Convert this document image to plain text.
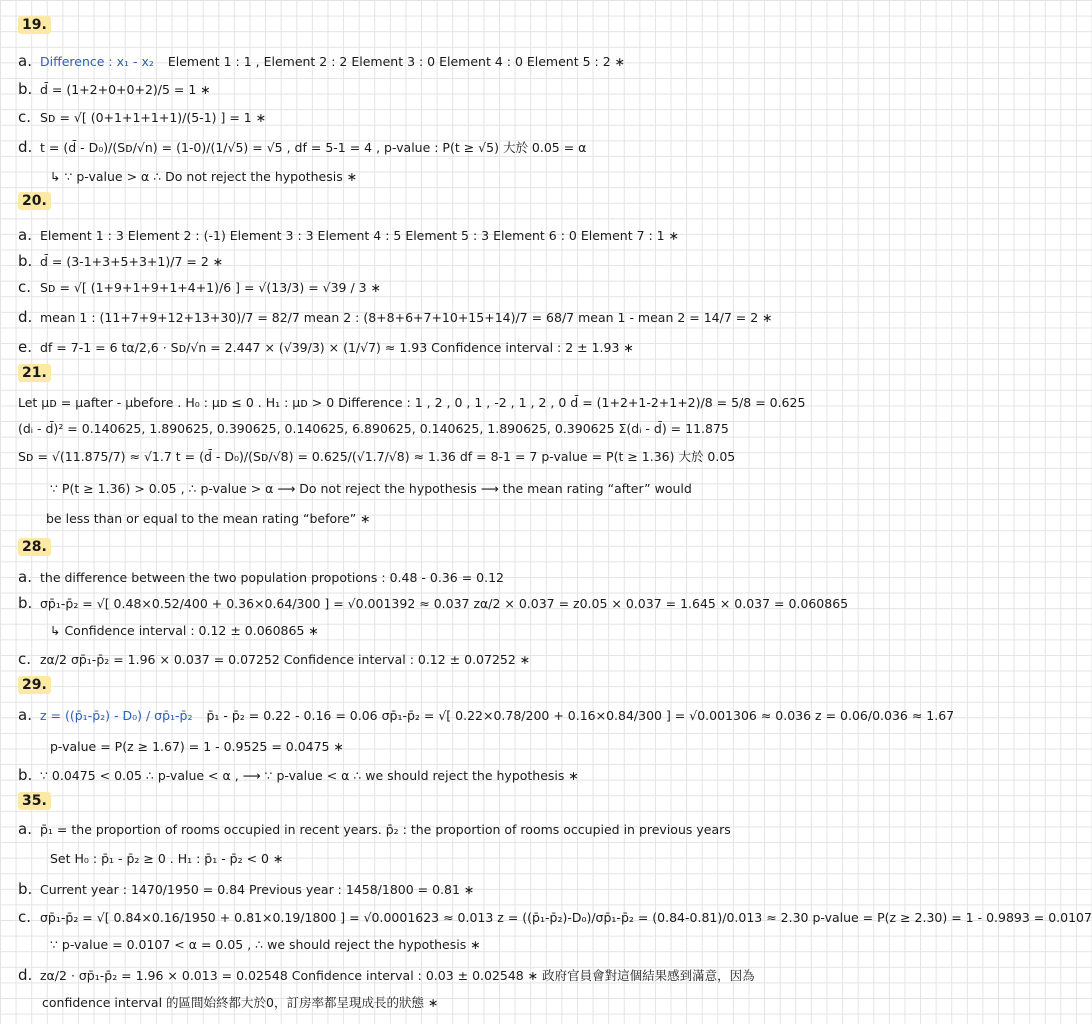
19.
a. Difference : x₁ - x₂ Element 1 : 1 , Element 2 : 2 Element 3 : 0 Element 4 : 0 Element 5 : 2 ∗
b. d̄ = (1+2+0+0+2)/5 = 1 ∗
c. Sᴅ = √[ (0+1+1+1+1)/(5-1) ] = 1 ∗
d. t = (d̄ - D₀)/(Sᴅ/√n) = (1-0)/(1/√5) = √5 , df = 5-1 = 4 , p-value : P(t ≥ √5) 大於 0.05 = α
↳ ∵ p-value > α ∴ Do not reject the hypothesis ∗
20.
a. Element 1 : 3 Element 2 : (-1) Element 3 : 3 Element 4 : 5 Element 5 : 3 Element 6 : 0 Element 7 : 1 ∗
b. d̄ = (3-1+3+5+3+1)/7 = 2 ∗
c. Sᴅ = √[ (1+9+1+9+1+4+1)/6 ] = √(13/3) = √39 / 3 ∗
d. mean 1 : (11+7+9+12+13+30)/7 = 82/7 mean 2 : (8+8+6+7+10+15+14)/7 = 68/7 mean 1 - mean 2 = 14/7 = 2 ∗
e. df = 7-1 = 6 tα/2,6 · Sᴅ/√n = 2.447 × (√39/3) × (1/√7) ≈ 1.93 Confidence interval : 2 ± 1.93 ∗
21.
Let μᴅ = μafter - μbefore . H₀ : μᴅ ≤ 0 . H₁ : μᴅ > 0 Difference : 1 , 2 , 0 , 1 , -2 , 1 , 2 , 0 d̄ = (1+2+1-2+1+2)/8 = 5/8 = 0.625
(dᵢ - d̄)² = 0.140625, 1.890625, 0.390625, 0.140625, 6.890625, 0.140625, 1.890625, 0.390625 Σ(dᵢ - d̄) = 11.875
Sᴅ = √(11.875/7) ≈ √1.7 t = (d̄ - D₀)/(Sᴅ/√8) = 0.625/(√1.7/√8) ≈ 1.36 df = 8-1 = 7 p-value = P(t ≥ 1.36) 大於 0.05
∵ P(t ≥ 1.36) > 0.05 , ∴ p-value > α ⟶ Do not reject the hypothesis ⟶ the mean rating “after” would
be less than or equal to the mean rating “before” ∗
28.
a. the difference between the two population propotions : 0.48 - 0.36 = 0.12
b. σp̄₁-p̄₂ = √[ 0.48×0.52/400 + 0.36×0.64/300 ] = √0.001392 ≈ 0.037 zα/2 × 0.037 = z0.05 × 0.037 = 1.645 × 0.037 = 0.060865
↳ Confidence interval : 0.12 ± 0.060865 ∗
c. zα/2 σp̄₁-p̄₂ = 1.96 × 0.037 = 0.07252 Confidence interval : 0.12 ± 0.07252 ∗
29.
a. z = ((p̄₁-p̄₂) - D₀) / σp̄₁-p̄₂ p̄₁ - p̄₂ = 0.22 - 0.16 = 0.06 σp̄₁-p̄₂ = √[ 0.22×0.78/200 + 0.16×0.84/300 ] = √0.001306 ≈ 0.036 z = 0.06/0.036 ≈ 1.67
p-value = P(z ≥ 1.67) = 1 - 0.9525 = 0.0475 ∗
b. ∵ 0.0475 < 0.05 ∴ p-value < α , ⟶ ∵ p-value < α ∴ we should reject the hypothesis ∗
35.
a. p̄₁ = the proportion of rooms occupied in recent years. p̄₂ : the proportion of rooms occupied in previous years
Set H₀ : p̄₁ - p̄₂ ≥ 0 . H₁ : p̄₁ - p̄₂ < 0 ∗
b. Current year : 1470/1950 = 0.84 Previous year : 1458/1800 = 0.81 ∗
c. σp̄₁-p̄₂ = √[ 0.84×0.16/1950 + 0.81×0.19/1800 ] = √0.0001623 ≈ 0.013 z = ((p̄₁-p̄₂)-D₀)/σp̄₁-p̄₂ = (0.84-0.81)/0.013 ≈ 2.30 p-value = P(z ≥ 2.30) = 1 - 0.9893 = 0.0107
∵ p-value = 0.0107 < α = 0.05 , ∴ we should reject the hypothesis ∗
d. zα/2 · σp̄₁-p̄₂ = 1.96 × 0.013 = 0.02548 Confidence interval : 0.03 ± 0.02548 ∗ 政府官員會對這個結果感到滿意，因為
confidence interval 的區間始終都大於0，訂房率都呈現成長的狀態 ∗
